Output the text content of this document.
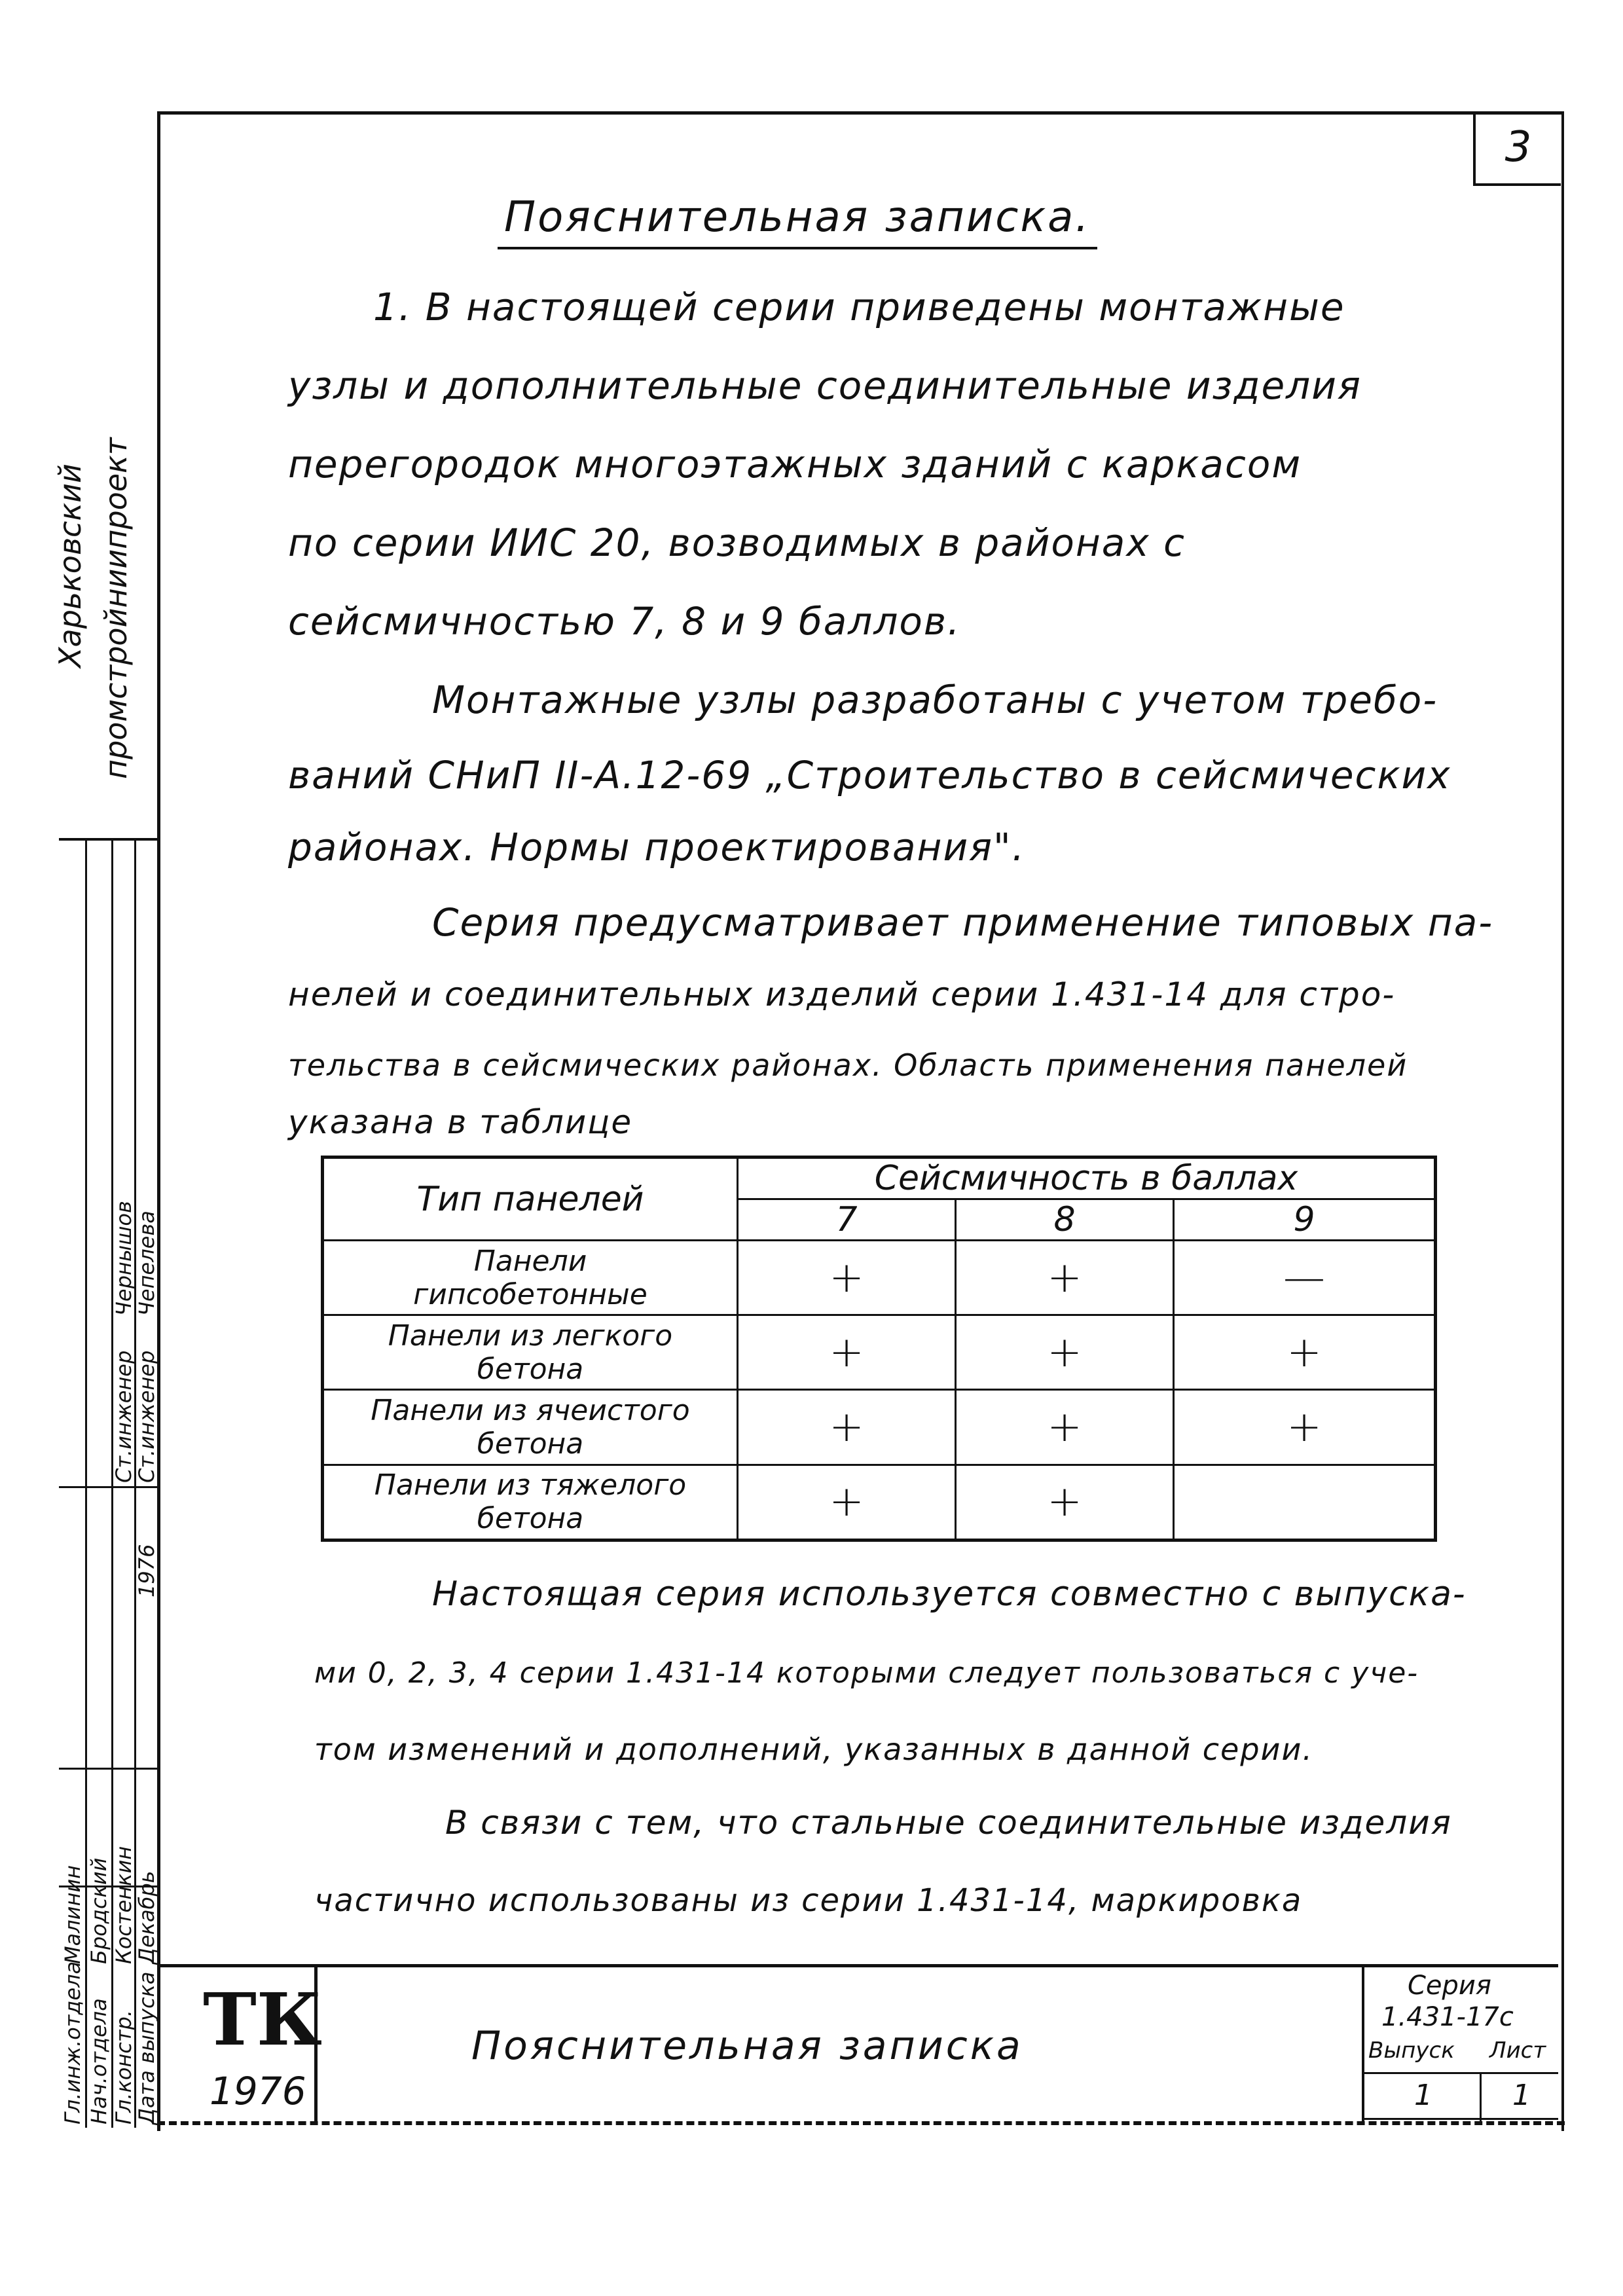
3
Пояснительная записка.
1. В настоящей серии приведены монтажные
узлы и дополнительные соединительные изделия
перегородок многоэтажных зданий с каркасом
по серии ИИС 20, возводимых в районах с
сейсмичностью 7, 8 и 9 баллов.
Монтажные узлы разработаны с учетом требо-
ваний СНиП II-А.12-69 „Строительство в сейсмических
районах. Нормы проектирования".
Серия предусматривает применение типовых па-
нелей и соединительных изделий серии 1.431-14 для стро-
тельства в сейсмических районах. Область применения панелей
указана в таблице
Тип панелей	Сейсмичность в баллах		
	7	8	9

Панели
гипсобетонные	+	+	—

Панели из легкого
бетона	+	+	+

Панели из ячеистого
бетона	+	+	+

Панели из тяжелого
бетона	+	+	
Настоящая серия используется совместно с выпуска-
ми 0, 2, 3, 4 серии 1.431-14 которыми следует пользоваться с уче-
том изменений и дополнений, указанных в данной серии.
В связи с тем, что стальные соединительные изделия
частично использованы из серии 1.431-14, маркировка
Харьковский промстройниипроект
Гл.инж.отдела Нач.отдела Гл.констр.
Дата выпуска
Малинин Бродский Костенкин
Декабрь
Ст.инженер
Ст.инженер
Чернышов
Чепелева
1976
ТК
1976
Пояснительная записка
Серия
1.431-17с
Выпуск Лист
1	1
